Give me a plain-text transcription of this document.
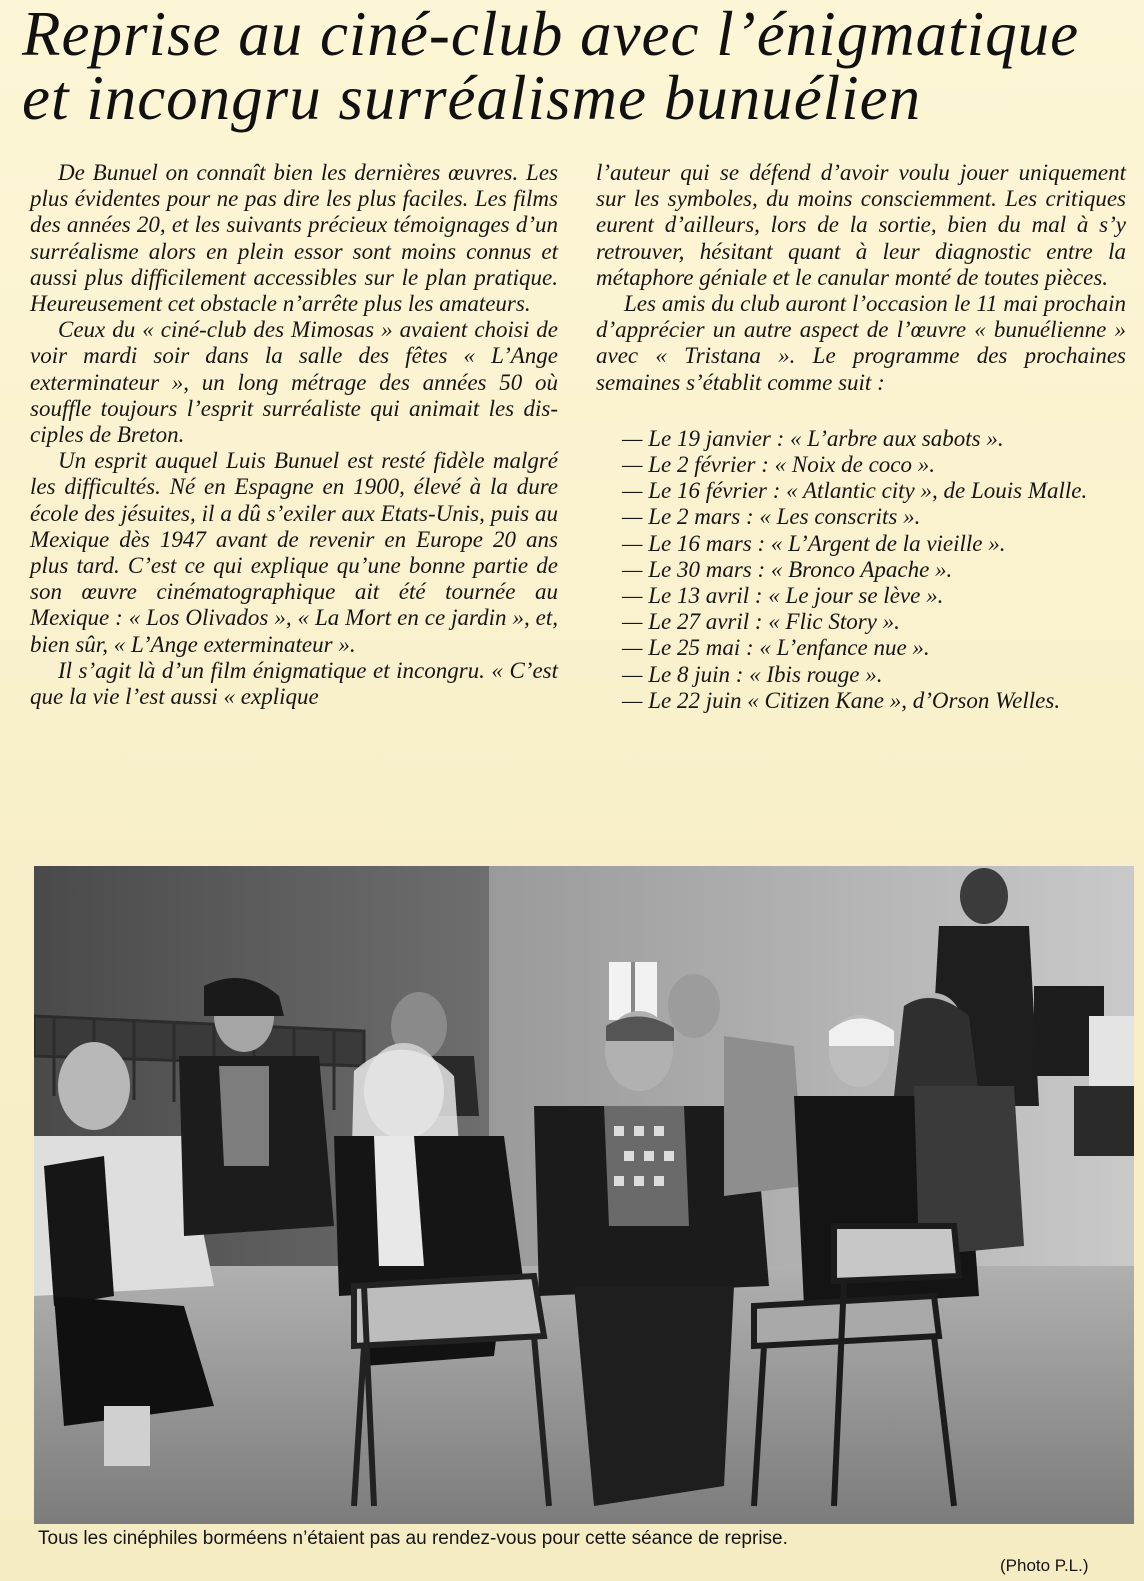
Reprise au ciné-club avec l’énigmatique
et incongru surréalisme bunuélien

De Bunuel on connaît bien les dernières œuvres. Les plus évidentes pour ne pas dire les plus faciles. Les films des années 20, et les suivants précieux témoignages d’un surréalisme alors en plein essor sont moins connus et aussi plus difficilement accessibles sur le plan pratique. Heureusement cet obstacle n’arrête plus les amateurs.

Ceux du « ciné-club des Mimosas » avaient choisi de voir mardi soir dans la salle des fêtes « L’Ange exterminateur », un long métrage des années 50 où souffle toujours l’esprit surréaliste qui animait les disciples de Breton.

Un esprit auquel Luis Bunuel est resté fidèle malgré les difficultés. Né en Espagne en 1900, élevé à la dure école des jésuites, il a dû s’exiler aux Etats-Unis, puis au Mexique dès 1947 avant de revenir en Europe 20 ans plus tard. C’est ce qui explique qu’une bonne partie de son œuvre cinématographique ait été tournée au Mexique : « Los Olivados », « La Mort en ce jardin », et, bien sûr, « L’Ange exterminateur ».

Il s’agit là d’un film énigmatique et incongru. « C’est que la vie l’est aussi « explique

l’auteur qui se défend d’avoir voulu jouer uniquement sur les symboles, du moins consciemment. Les critiques eurent d’ailleurs, lors de la sortie, bien du mal à s’y retrouver, hésitant quant à leur diagnostic entre la métaphore géniale et le canular monté de toutes pièces.

Les amis du club auront l’occasion le 11 mai prochain d’apprécier un autre aspect de l’œuvre « bunuélienne » avec « Tristana ». Le programme des prochaines semaines s’établit comme suit :

— Le 19 janvier : « L’arbre aux sabots ».
— Le 2 février : « Noix de coco ».
— Le 16 février : « Atlantic city », de Louis Malle.
— Le 2 mars : « Les conscrits ».
— Le 16 mars : « L’Argent de la vieille ».
— Le 30 mars : « Bronco Apache ».
— Le 13 avril : « Le jour se lève ».
— Le 27 avril : « Flic Story ».
— Le 25 mai : « L’enfance nue ».
— Le 8 juin : « Ibis rouge ».
— Le 22 juin « Citizen Kane », d’Orson Welles.
Tous les cinéphiles borméens n’étaient pas au rendez-vous pour cette séance de reprise.
(Photo P.L.)
